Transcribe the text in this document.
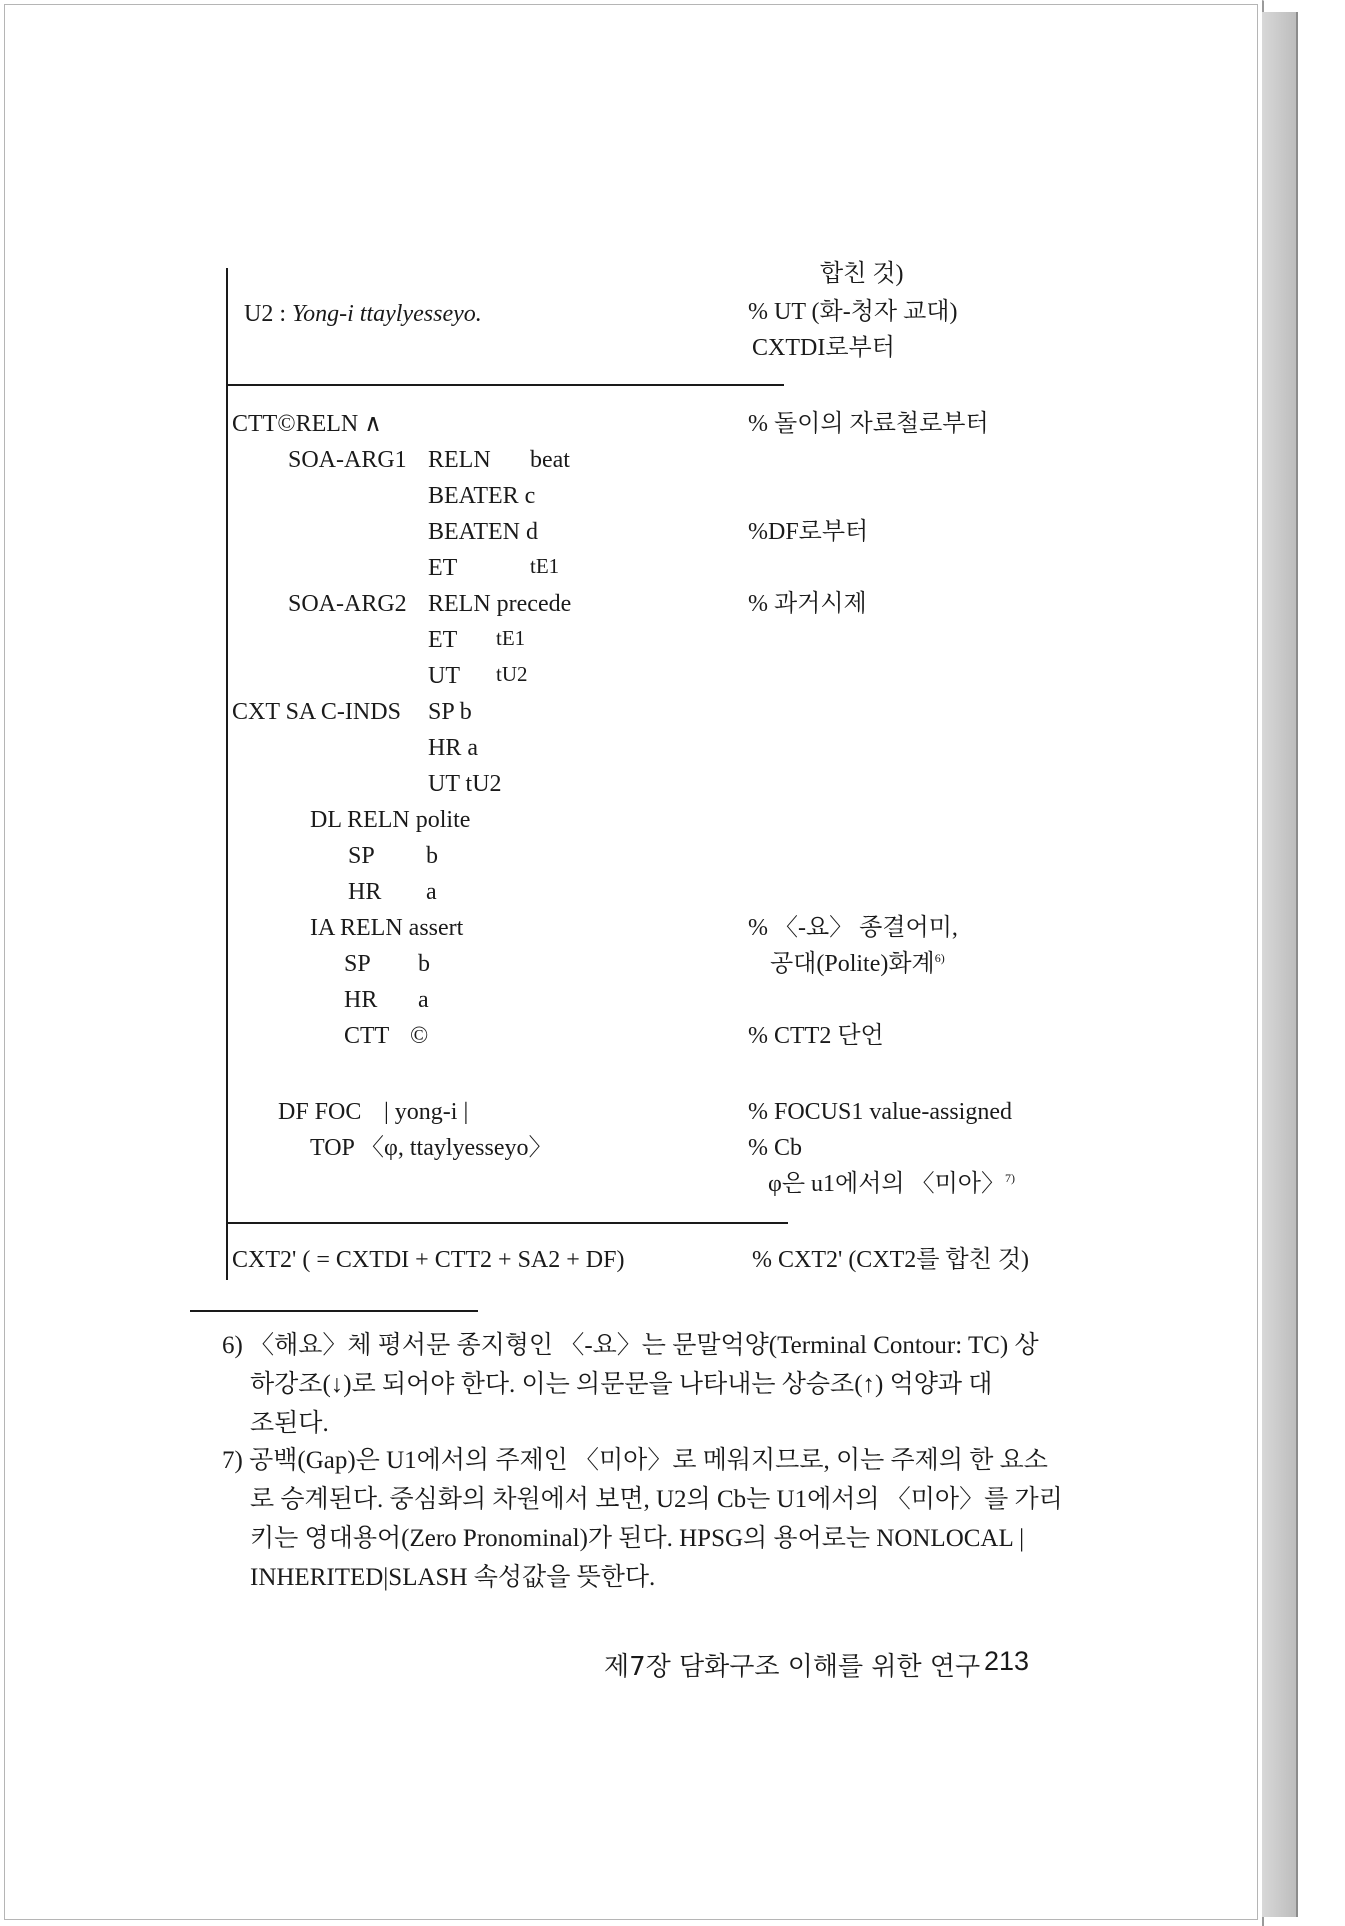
합친 것)
% UT (화-청자 교대)
CXTDI로부터
U2 : Yong-i ttaylyesseyo.
CTT©RELN ∧
SOA-ARG1 RELN beat
BEATER c
BEATEN d
ET	tE1
SOA-ARG2 RELN precede
ET tE1
UT tU2
CXT SA C-INDS SP b
HR a
UT tU2
DL RELN polite
SP b
HR a
IA RELN assert
SP b
HR a
CTT ©
DF FOC | yong-i |
TOP 〈φ, ttaylyesseyo〉
CXT2' ( = CXTDI + CTT2 + SA2 + DF)
% 돌이의 자료철로부터
%DF로부터
% 과거시제
% 〈-요〉 종결어미,
공대(Polite)화계$^{6)}$
% CTT2 단언
% FOCUS1 value-assigned
% Cb
φ은 u1에서의 〈미아〉$^{7)}$
% CXT2' (CXT2를 합친 것)
6) 〈해요〉체 평서문 종지형인 〈-요〉는 문말억양(Terminal Contour: TC) 상
하강조(↓)로 되어야 한다. 이는 의문문을 나타내는 상승조(↑) 억양과 대
조된다.
7) 공백(Gap)은 U1에서의 주제인 〈미아〉로 메워지므로, 이는 주제의 한 요소
로 승계된다. 중심화의 차원에서 보면, U2의 Cb는 U1에서의 〈미아〉를 가리
키는 영대용어(Zero Pronominal)가 된다. HPSG의 용어로는 NONLOCAL |
INHERITED|SLASH 속성값을 뜻한다.
제7장 담화구조 이해를 위한 연구 213
